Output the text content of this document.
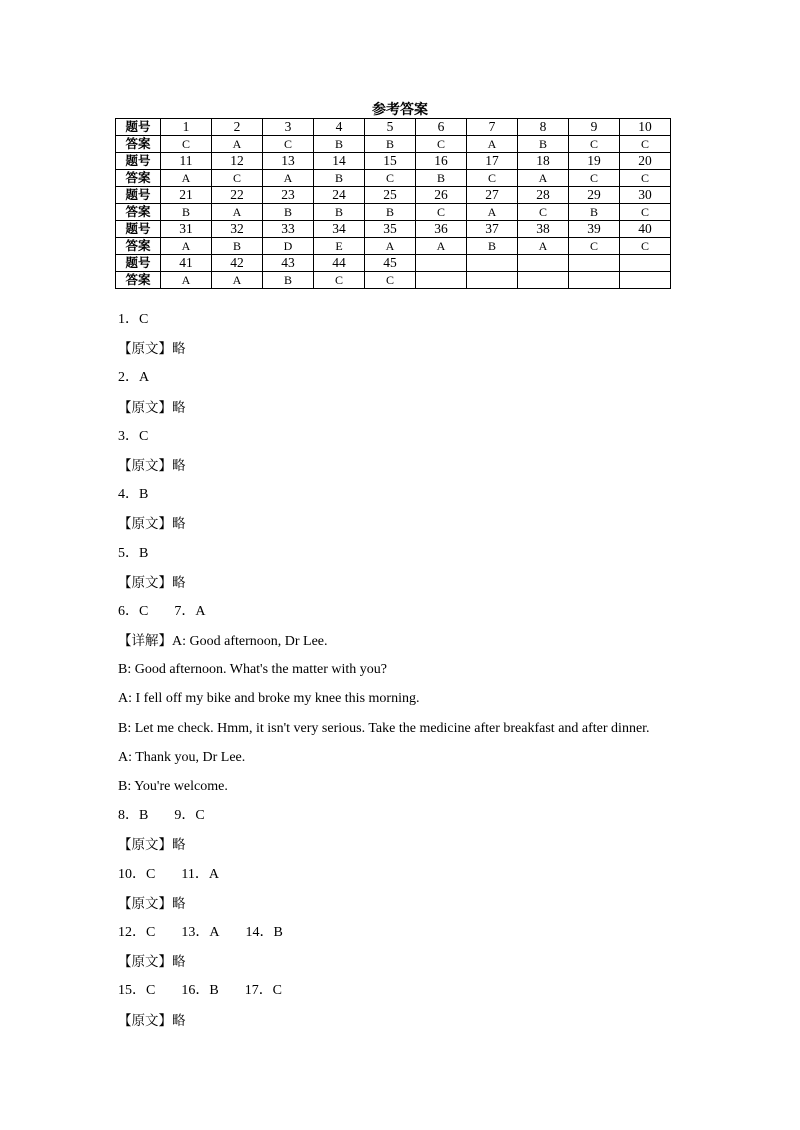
参考答案
题号	1	2	3	4	5	6	7	8	9	10
答案	C	A	C	B	B	C	A	B	C	C
题号	11	12	13	14	15	16	17	18	19	20
答案	A	C	A	B	C	B	C	A	C	C
题号	21	22	23	24	25	26	27	28	29	30
答案	B	A	B	B	B	C	A	C	B	C
题号	31	32	33	34	35	36	37	38	39	40
答案	A	B	D	E	A	A	B	A	C	C
题号	41	42	43	44	45					
答案	A	A	B	C	C					
1．C
【原文】略
2．A
【原文】略
3．C
【原文】略
4．B
【原文】略
5．B
【原文】略
6．C 7．A
【详解】A: Good afternoon, Dr Lee.
B: Good afternoon. What's the matter with you?
A: I fell off my bike and broke my knee this morning.
B: Let me check. Hmm, it isn't very serious. Take the medicine after breakfast and after dinner.
A: Thank you, Dr Lee.
B: You're welcome.
8．B 9．C
【原文】略
10．C 11．A
【原文】略
12．C 13．A 14．B
【原文】略
15．C 16．B 17．C
【原文】略
